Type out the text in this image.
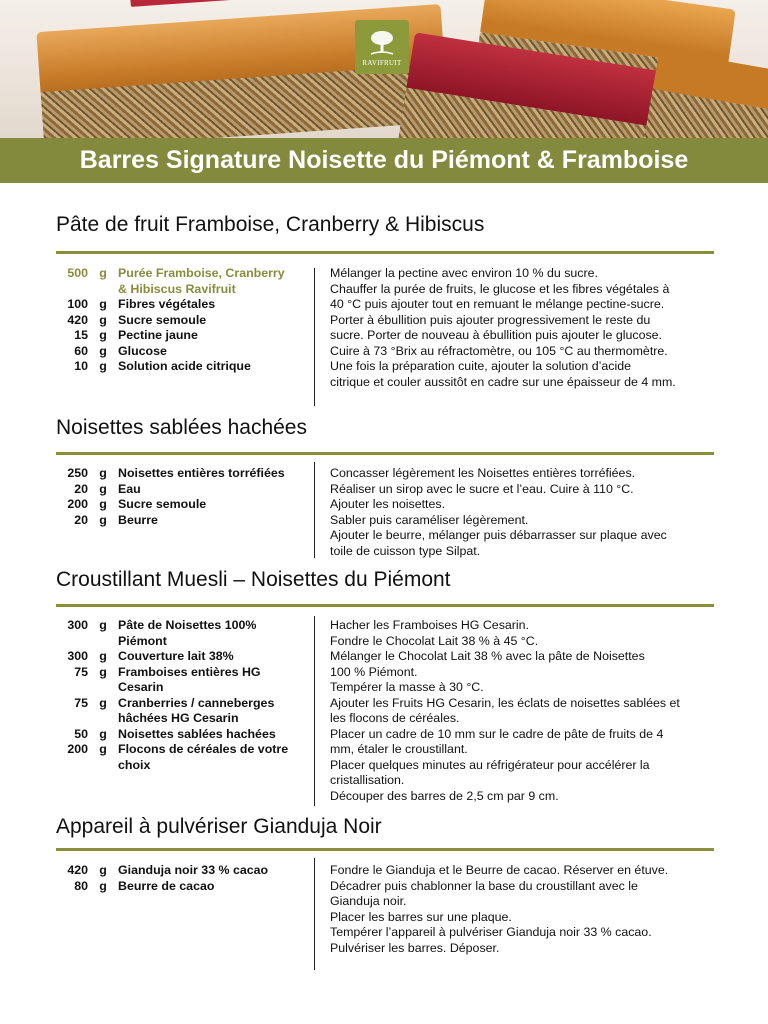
RAVIFRUIT
Barres Signature Noisette du Piémont & Framboise
Pâte de fruit Framboise, Cranberry & Hibiscus
500 g Purée Framboise, Cranberry
& Hibiscus Ravifruit
100 g Fibres végétales
420 g Sucre semoule
15 g Pectine jaune
60 g Glucose
10 g Solution acide citrique
Mélanger la pectine avec environ 10 % du sucre.
Chauffer la purée de fruits, le glucose et les fibres végétales à
40 °C puis ajouter tout en remuant le mélange pectine-sucre.
Porter à ébullition puis ajouter progressivement le reste du
sucre. Porter de nouveau à ébullition puis ajouter le glucose.
Cuire à 73 °Brix au réfractomètre, ou 105 °C au thermomètre.
Une fois la préparation cuite, ajouter la solution d’acide
citrique et couler aussitôt en cadre sur une épaisseur de 4 mm.
Noisettes sablées hachées
250 g Noisettes entières torréfiées
20 g Eau
200 g Sucre semoule
20 g Beurre
Concasser légèrement les Noisettes entières torréfiées.
Réaliser un sirop avec le sucre et l’eau. Cuire à 110 °C.
Ajouter les noisettes.
Sabler puis caraméliser légèrement.
Ajouter le beurre, mélanger puis débarrasser sur plaque avec
toile de cuisson type Silpat.
Croustillant Muesli – Noisettes du Piémont
300 g Pâte de Noisettes 100%
Piémont
300 g Couverture lait 38%
75 g Framboises entières HG
Cesarin
75 g Cranberries / canneberges
hâchées HG Cesarin
50 g Noisettes sablées hachées
200 g Flocons de céréales de votre
choix
Hacher les Framboises HG Cesarin.
Fondre le Chocolat Lait 38 % à 45 °C.
Mélanger le Chocolat Lait 38 % avec la pâte de Noisettes
100 % Piémont.
Tempérer la masse à 30 °C.
Ajouter les Fruits HG Cesarin, les éclats de noisettes sablées et
les flocons de céréales.
Placer un cadre de 10 mm sur le cadre de pâte de fruits de 4
mm, étaler le croustillant.
Placer quelques minutes au réfrigérateur pour accélérer la
cristallisation.
Découper des barres de 2,5 cm par 9 cm.
Appareil à pulvériser Gianduja Noir
420 g Gianduja noir 33 % cacao
80 g Beurre de cacao
Fondre le Gianduja et le Beurre de cacao. Réserver en étuve.
Décadrer puis chablonner la base du croustillant avec le
Gianduja noir.
Placer les barres sur une plaque.
Tempérer l’appareil à pulvériser Gianduja noir 33 % cacao.
Pulvériser les barres. Déposer.
